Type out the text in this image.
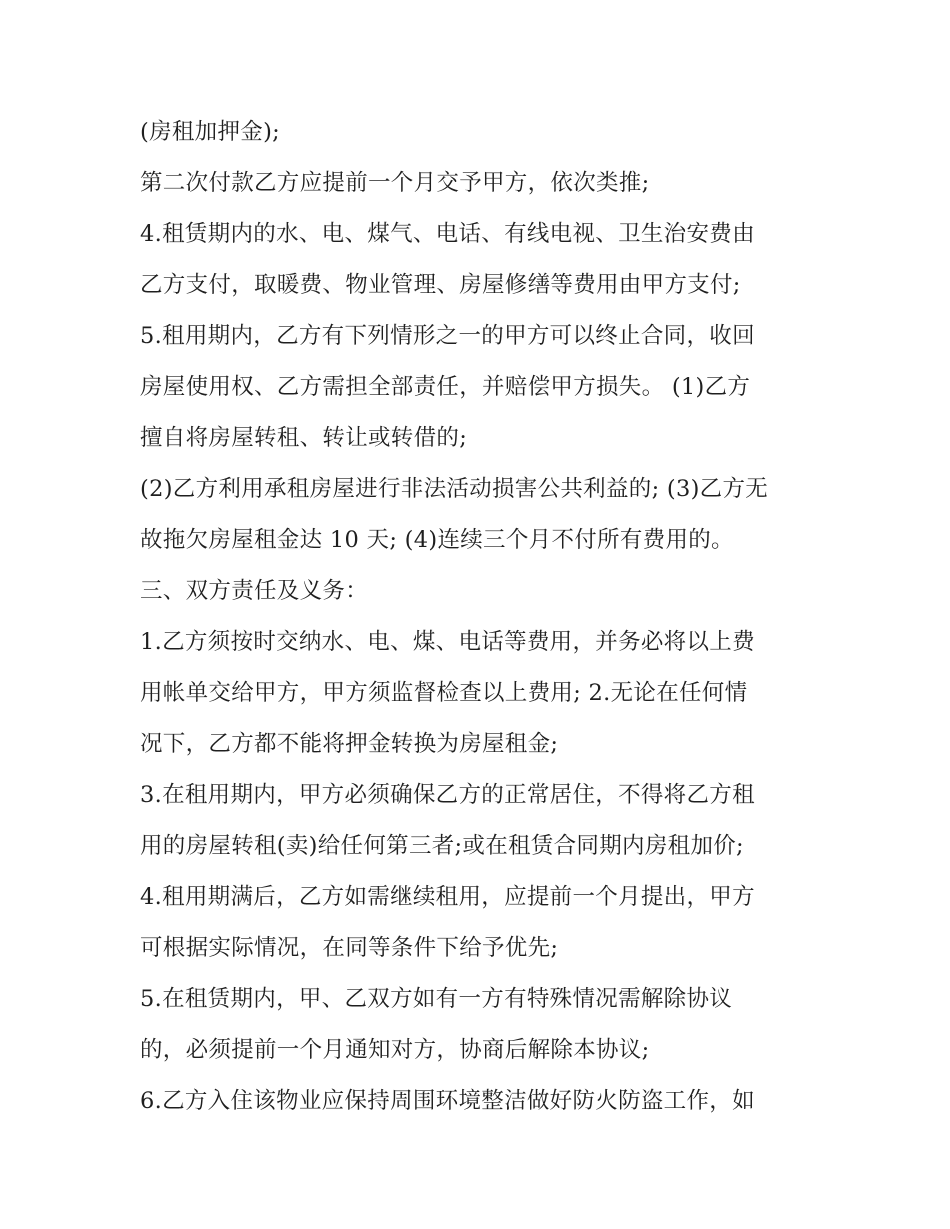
(房租加押金);
第二次付款乙方应提前一个月交予甲方，依次类推;
4.租赁期内的水、电、煤气、电话、有线电视、卫生治安费由
乙方支付，取暖费、物业管理、房屋修缮等费用由甲方支付;
5.租用期内，乙方有下列情形之一的甲方可以终止合同，收回
房屋使用权、乙方需担全部责任，并赔偿甲方损失。 (1)乙方
擅自将房屋转租、转让或转借的;
(2)乙方利用承租房屋进行非法活动损害公共利益的; (3)乙方无
故拖欠房屋租金达 10 天; (4)连续三个月不付所有费用的。
三、双方责任及义务：
1.乙方须按时交纳水、电、煤、电话等费用，并务必将以上费
用帐单交给甲方，甲方须监督检查以上费用; 2.无论在任何情
况下，乙方都不能将押金转换为房屋租金;
3.在租用期内，甲方必须确保乙方的正常居住，不得将乙方租
用的房屋转租(卖)给任何第三者;或在租赁合同期内房租加价;
4.租用期满后，乙方如需继续租用，应提前一个月提出，甲方
可根据实际情况，在同等条件下给予优先;
5.在租赁期内，甲、乙双方如有一方有特殊情况需解除协议
的，必须提前一个月通知对方，协商后解除本协议;
6.乙方入住该物业应保持周围环境整洁做好防火防盗工作，如
